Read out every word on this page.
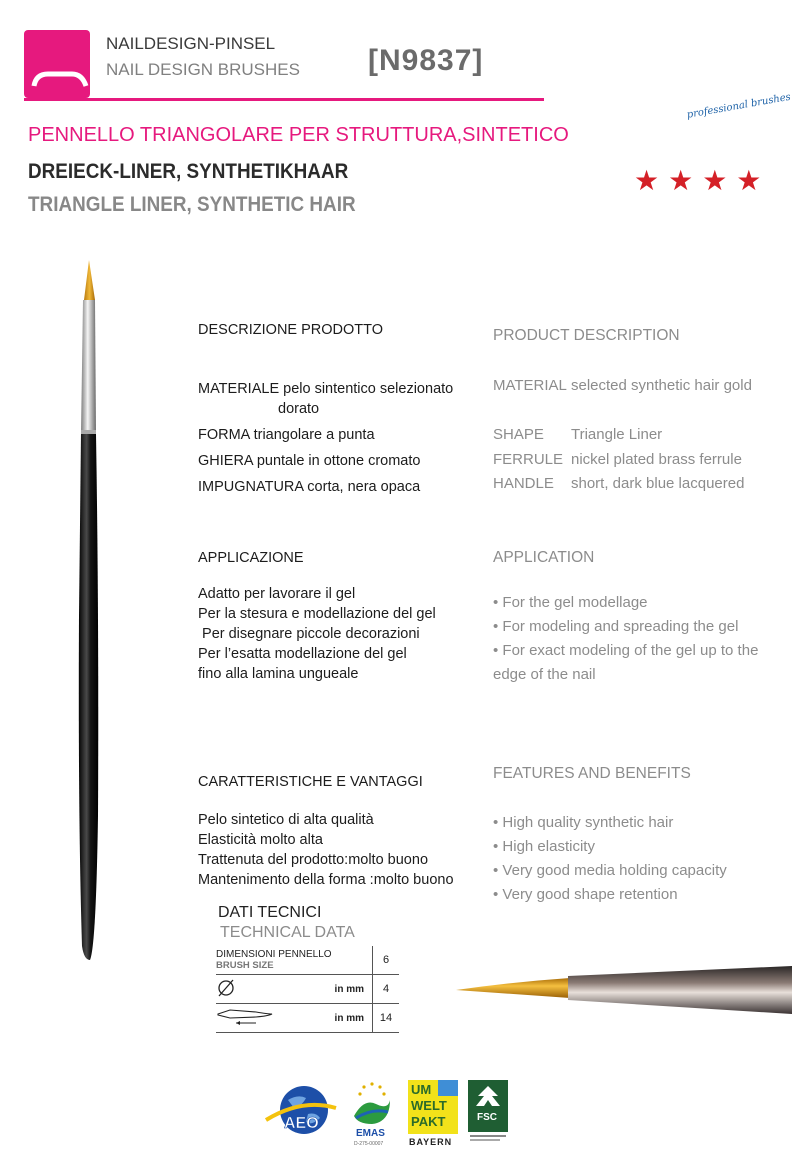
NAILDESIGN-PINSEL
NAIL DESIGN BRUSHES [N9837]
professional brushes
PENNELLO TRIANGOLARE PER STRUTTURA,SINTETICO
DREIECK-LINER, SYNTHETIKHAAR
TRIANGLE LINER, SYNTHETIC HAIR
★★★★
DESCRIZIONE PRODOTTO
MATERIALE pelo sintentico selezionato
dorato
FORMA triangolare a punta
GHIERA puntale in ottone cromato
IMPUGNATURA corta, nera opaca
APPLICAZIONE
Adatto per lavorare il gel
Per la stesura e modellazione del gel
Per disegnare piccole decorazioni
Per l’esatta modellazione del gel
fino alla lamina ungueale
CARATTERISTICHE E VANTAGGI
Pelo sintetico di alta qualità
Elasticità molto alta
Trattenuta del prodotto:molto buono
Mantenimento della forma :molto buono
PRODUCT DESCRIPTION
MATERIAL selected synthetic hair gold
SHAPE Triangle Liner
FERRULE nickel plated brass ferrule
HANDLE short, dark blue lacquered
APPLICATION
• For the gel modellage
• For modeling and spreading the gel
• For exact modeling of the gel up to the
edge of the nail
FEATURES AND BENEFITS
• High quality synthetic hair
• High elasticity
• Very good media holding capacity
• Very good shape retention
DATI TECNICI
TECHNICAL DATA
DIMENSIONI PENNELLO
BRUSH SIZE		6
	in mm	4
	in mm	14
AEO
EMAS
D-275-00007
UM
WELT
PAKT
BAYERN
FSC
